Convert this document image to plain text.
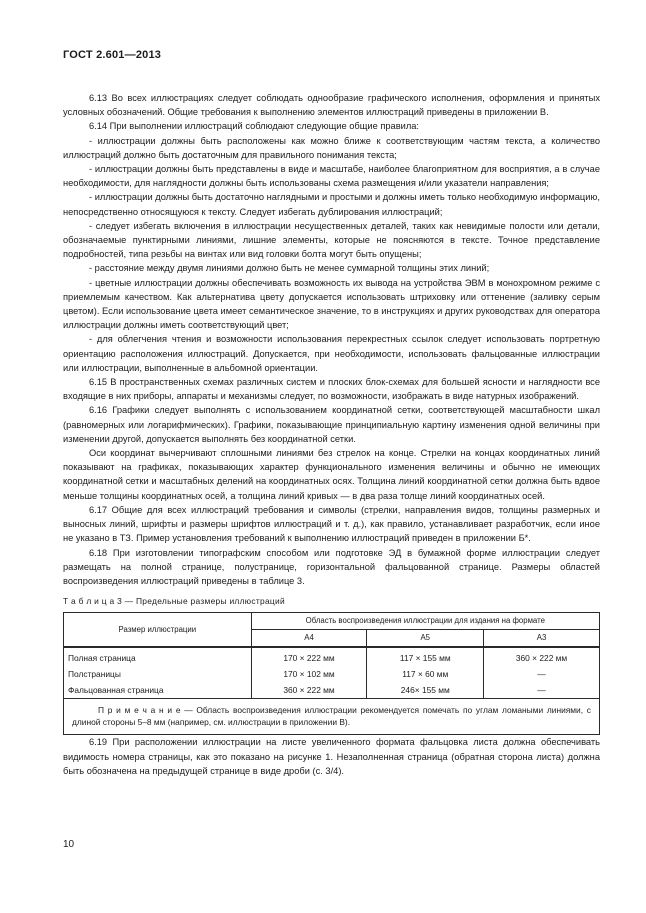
ГОСТ 2.601—2013

6.13 Во всех иллюстрациях следует соблюдать однообразие графического исполнения, оформления и принятых условных обозначений. Общие требования к выполнению элементов иллюстраций приведены в приложении В.

6.14 При выполнении иллюстраций соблюдают следующие общие правила:

- иллюстрации должны быть расположены как можно ближе к соответствующим частям текста, а количество иллюстраций должно быть достаточным для правильного понимания текста;

- иллюстрации должны быть представлены в виде и масштабе, наиболее благоприятном для восприятия, а в случае необходимости, для наглядности должны быть использованы схема размещения и/или указатели направления;

- иллюстрации должны быть достаточно наглядными и простыми и должны иметь только необходимую информацию, непосредственно относящуюся к тексту. Следует избегать дублирования иллюстраций;

- следует избегать включения в иллюстрации несущественных деталей, таких как невидимые полости или детали, обозначаемые пунктирными линиями, лишние элементы, которые не поясняются в тексте. Точное представление подробностей, типа резьбы на винтах или вид головки болта могут быть опущены;

- расстояние между двумя линиями должно быть не менее суммарной толщины этих линий;

- цветные иллюстрации должны обеспечивать возможность их вывода на устройства ЭВМ в монохромном режиме с приемлемым качеством. Как альтернатива цвету допускается использовать штриховку или оттенение (заливку серым цветом). Если использование цвета имеет семантическое значение, то в инструкциях и других руководствах для оператора иллюстрации должны иметь соответствующий цвет;

- для облегчения чтения и возможности использования перекрестных ссылок следует использовать портретную ориентацию расположения иллюстраций. Допускается, при необходимости, использовать фальцованные иллюстрации или иллюстрации, выполненные в альбомной ориентации.

6.15 В пространственных схемах различных систем и плоских блок-схемах для большей ясности и наглядности все входящие в них приборы, аппараты и механизмы следует, по возможности, изображать в виде натурных изображений.

6.16 Графики следует выполнять с использованием координатной сетки, соответствующей масштабности шкал (равномерных или логарифмических). Графики, показывающие принципиальную картину изменения одной величины при изменении другой, допускается выполнять без координатной сетки.

Оси координат вычерчивают сплошными линиями без стрелок на конце. Стрелки на концах координатных линий показывают на графиках, показывающих характер функционального изменения величины и обычно не имеющих координатной сетки и масштабных делений на координатных осях. Толщина линий координатной сетки должна быть вдвое меньше толщины координатных осей, а толщина линий кривых — в два раза толще линий координатных осей.

6.17 Общие для всех иллюстраций требования и символы (стрелки, направления видов, толщины размерных и выносных линий, шрифты и размеры шрифтов иллюстраций и т. д.), как правило, устанавливает разработчик, если иное не указано в ТЗ. Пример установления требований к выполнению иллюстраций приведен в приложении Б*.

6.18 При изготовлении типографским способом или подготовке ЭД в бумажной форме иллюстрации следует размещать на полной странице, полустранице, горизонтальной фальцованной странице. Размеры областей воспроизведения иллюстраций приведены в таблице 3.

Т а б л и ц а 3 — Предельные размеры иллюстраций
Размер иллюстрации	Область воспроизведения иллюстрации для издания на формате		
	А4	А5	А3
Полная страница	170 × 222 мм	117 × 155 мм	360 × 222 мм
Полстраницы	170 × 102 мм	117 × 60 мм	—
Фальцованная страница	360 × 222 мм	246× 155 мм	—
П р и м е ч а н и е — Область воспроизведения иллюстрации рекомендуется помечать по углам ломаными линиями, с длиной стороны 5–8 мм (например, см. иллюстрации в приложении В).			

6.19 При расположении иллюстрации на листе увеличенного формата фальцовка листа должна обеспечивать видимость номера страницы, как это показано на рисунке 1. Незаполненная страница (обратная сторона листа) должна быть обозначена на предыдущей странице в виде дроби (с. 3/4).

10
